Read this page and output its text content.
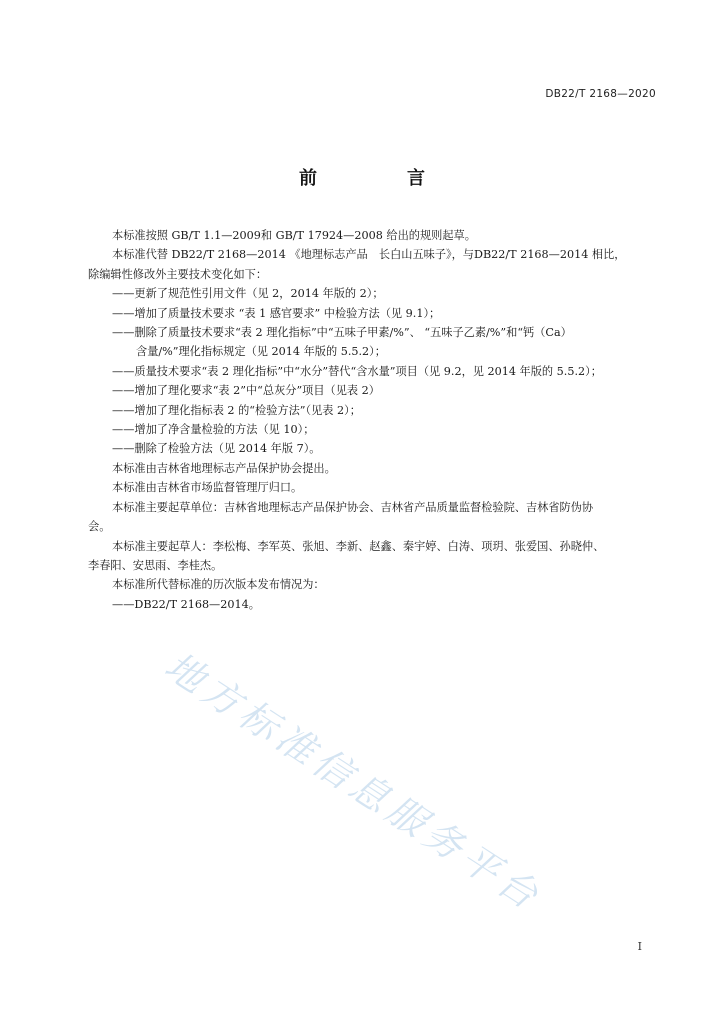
DB22/T 2168—2020
前　言

本标准按照 GB/T 1.1—2009和 GB/T 17924—2008 给出的规则起草。

本标准代替 DB22/T 2168—2014 《地理标志产品　长白山五味子》，与DB22/T 2168—2014 相比，

除编辑性修改外主要技术变化如下：

——更新了规范性引用文件（见 2，2014 年版的 2）；

——增加了质量技术要求 “表 1 感官要求” 中检验方法（见 9.1）；

——删除了质量技术要求“表 2 理化指标”中“五味子甲素/%”、 “五味子乙素/%”和“钙（Ca）

含量/%”理化指标规定（见 2014 年版的 5.5.2）；

——质量技术要求“表 2 理化指标”中“水分”替代“含水量”项目（见 9.2，见 2014 年版的 5.5.2）；

——增加了理化要求“表 2”中“总灰分”项目（见表 2）

——增加了理化指标表 2 的“检验方法”（见表 2）；

——增加了净含量检验的方法（见 10）；

——删除了检验方法（见 2014 年版 7）。

本标准由吉林省地理标志产品保护协会提出。

本标准由吉林省市场监督管理厅归口。

本标准主要起草单位：吉林省地理标志产品保护协会、吉林省产品质量监督检验院、吉林省防伪协

会。

本标准主要起草人：李松梅、李军英、张旭、李新、赵鑫、秦宇婷、白涛、项玥、张爱国、孙晓仲、

李春阳、安思雨、李桂杰。

本标准所代替标准的历次版本发布情况为：

——DB22/T 2168—2014。

地方标准信息服务平台
I
